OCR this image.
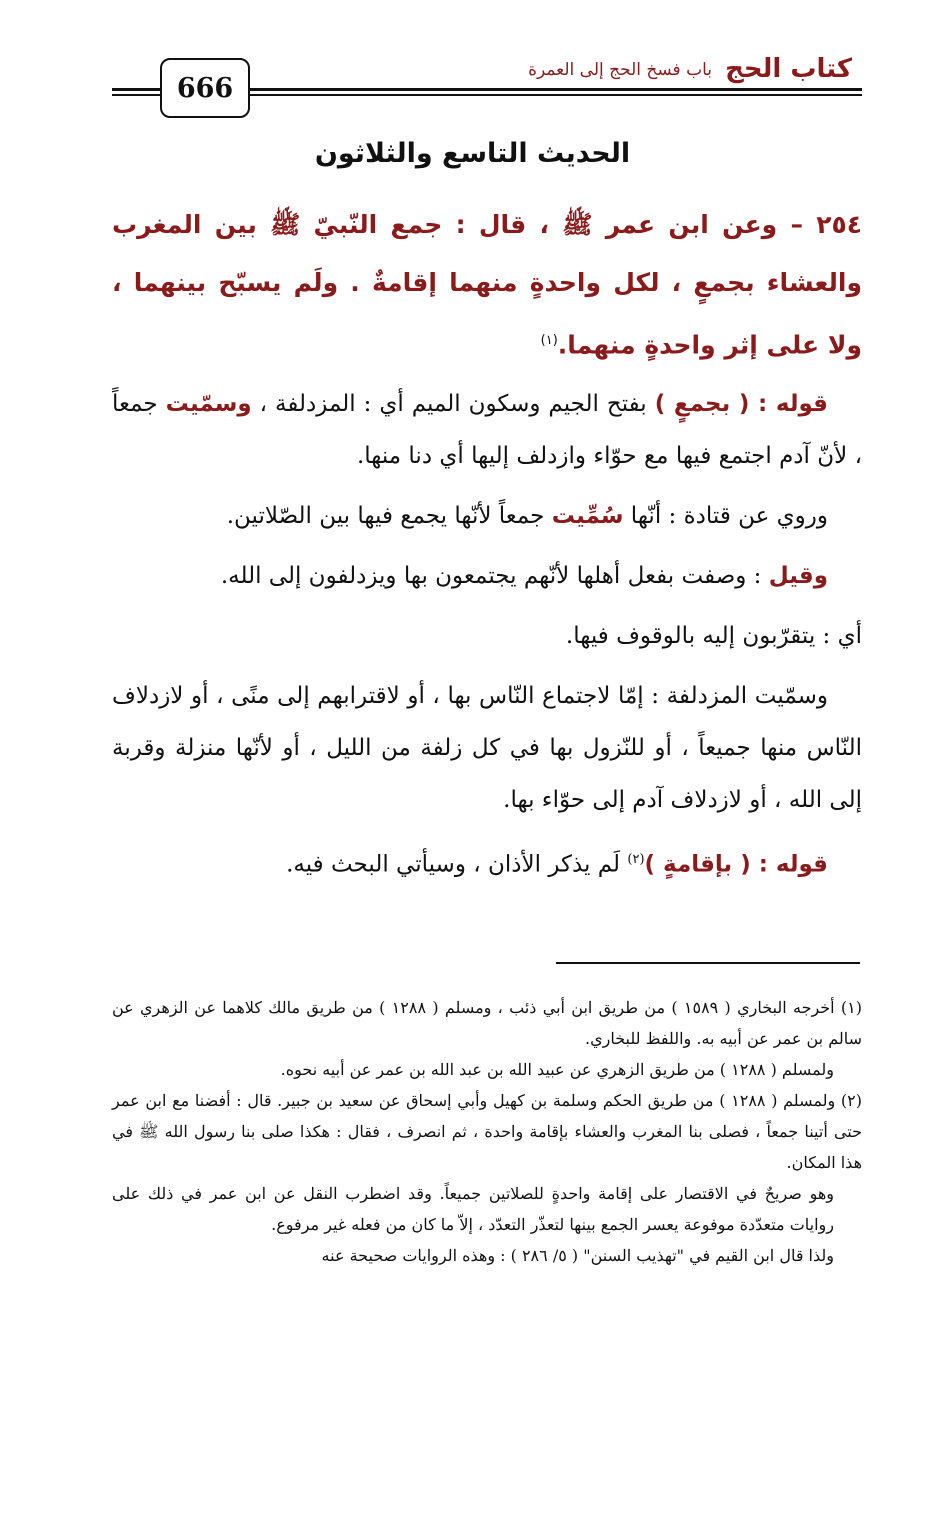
كتاب الحج
باب فسخ الحج إلى العمرة
666
الحديث التاسع والثلاثون
٢٥٤ – وعن ابن عمر ﷺ ، قال : جمع النّبيّ ﷺ بين المغرب والعشاء بجمعٍ ، لكل واحدةٍ منهما إقامةٌ . ولَم يسبّح بينهما ، ولا على إثر واحدةٍ منهما.$^{(١)}$

قوله : ( بجمعٍ ) بفتح الجيم وسكون الميم أي : المزدلفة ، وسمّيت جمعاً ، لأنّ آدم اجتمع فيها مع حوّاء وازدلف إليها أي دنا منها.

وروي عن قتادة : أنّها سُمِّيت جمعاً لأنّها يجمع فيها بين الصّلاتين.

وقيل : وصفت بفعل أهلها لأنّهم يجتمعون بها ويزدلفون إلى الله.

أي : يتقرّبون إليه بالوقوف فيها.

وسمّيت المزدلفة : إمّا لاجتماع النّاس بها ، أو لاقترابهم إلى منًى ، أو لازدلاف النّاس منها جميعاً ، أو للنّزول بها في كل زلفة من الليل ، أو لأنّها منزلة وقربة إلى الله ، أو لازدلاف آدم إلى حوّاء بها.

قوله : ( بإقامةٍ )$^{(٢)}$ لَم يذكر الأذان ، وسيأتي البحث فيه.

(١) أخرجه البخاري ( ١٥٨٩ ) من طريق ابن أبي ذئب ، ومسلم ( ١٢٨٨ ) من طريق مالك كلاهما عن الزهري عن سالم بن عمر عن أبيه به. واللفظ للبخاري.

ولمسلم ( ١٢٨٨ ) من طريق الزهري عن عبيد الله بن عبد الله بن عمر عن أبيه نحوه.

(٢) ولمسلم ( ١٢٨٨ ) من طريق الحكم وسلمة بن كهيل وأبي إسحاق عن سعيد بن جبير. قال : أفضنا مع ابن عمر حتى أتينا جمعاً ، فصلى بنا المغرب والعشاء بإقامة واحدة ، ثم انصرف ، فقال : هكذا صلى بنا رسول الله ﷺ في هذا المكان.

وهو صريحٌ في الاقتصار على إقامة واحدةٍ للصلاتين جميعاً. وقد اضطرب النقل عن ابن عمر في ذلك على روايات متعدّدة موفوعة يعسر الجمع بينها لتعذّر التعدّد ، إلاّ ما كان من فعله غير مرفوع.

ولذا قال ابن القيم في "تهذيب السنن" ( ٥/ ٢٨٦ ) : وهذه الروايات صحيحة عنه
